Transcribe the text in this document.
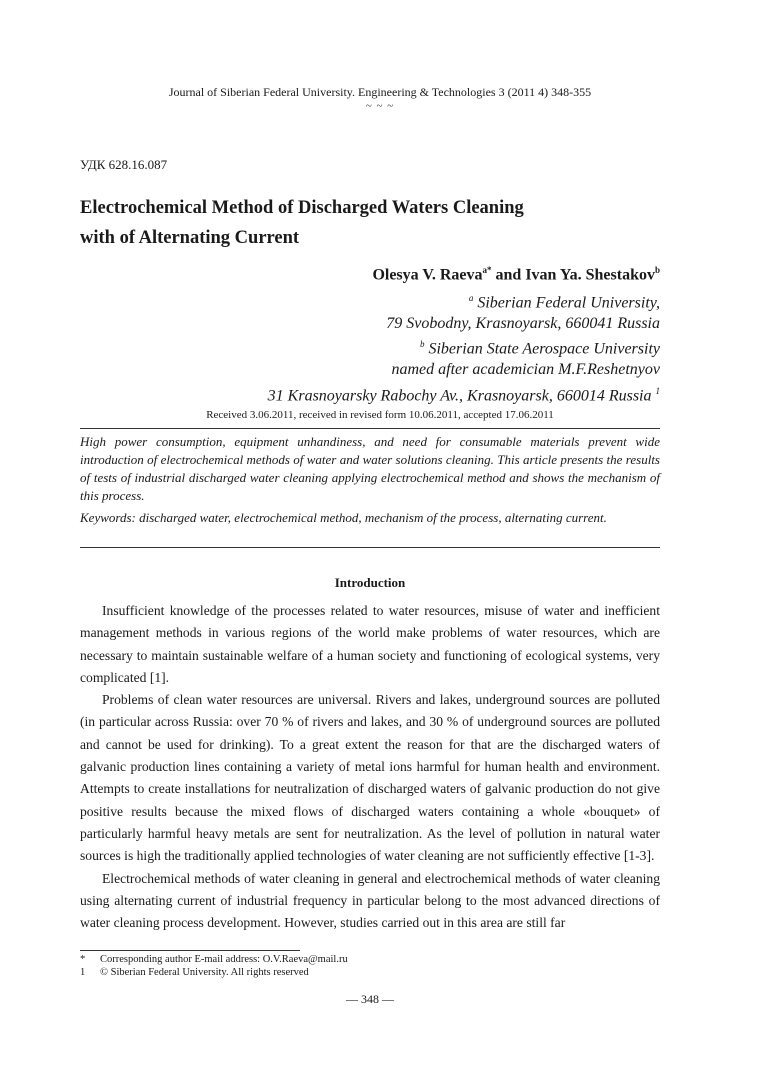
Journal of Siberian Federal University. Engineering & Technologies 3 (2011 4) 348-355
~ ~ ~
УДК 628.16.087
Electrochemical Method of Discharged Waters Cleaning
with of Alternating Current
Olesya V. Raeva$^{a*}$ and Ivan Ya. Shestakov$^b$
$^a$ Siberian Federal University,
79 Svobodny, Krasnoyarsk, 660041 Russia
$^b$ Siberian State Aerospace University
named after academician M.F.Reshetnyov
31 Krasnoyarsky Rabochy Av., Krasnoyarsk, 660014 Russia $^1$
Received 3.06.2011, received in revised form 10.06.2011, accepted 17.06.2011
High power consumption, equipment unhandiness, and need for consumable materials prevent wide introduction of electrochemical methods of water and water solutions cleaning. This article presents the results of tests of industrial discharged water cleaning applying electrochemical method and shows the mechanism of this process.
Keywords: discharged water, electrochemical method, mechanism of the process, alternating current.
Introduction

Insufficient knowledge of the processes related to water resources, misuse of water and inefficient management methods in various regions of the world make problems of water resources, which are necessary to maintain sustainable welfare of a human society and functioning of ecological systems, very complicated [1].

Problems of clean water resources are universal. Rivers and lakes, underground sources are polluted (in particular across Russia: over 70 % of rivers and lakes, and 30 % of underground sources are polluted and cannot be used for drinking). To a great extent the reason for that are the discharged waters of galvanic production lines containing a variety of metal ions harmful for human health and environment. Attempts to create installations for neutralization of discharged waters of galvanic production do not give positive results because the mixed flows of discharged waters containing a whole «bouquet» of particularly harmful heavy metals are sent for neutralization. As the level of pollution in natural water sources is high the traditionally applied technologies of water cleaning are not sufficiently effective [1-3].

Electrochemical methods of water cleaning in general and electrochemical methods of water cleaning using alternating current of industrial frequency in particular belong to the most advanced directions of water cleaning process development. However, studies carried out in this area are still far

*	Corresponding author E-mail address: O.V.Raeva@mail.ru
1	© Siberian Federal University. All rights reserved
— 348 —
